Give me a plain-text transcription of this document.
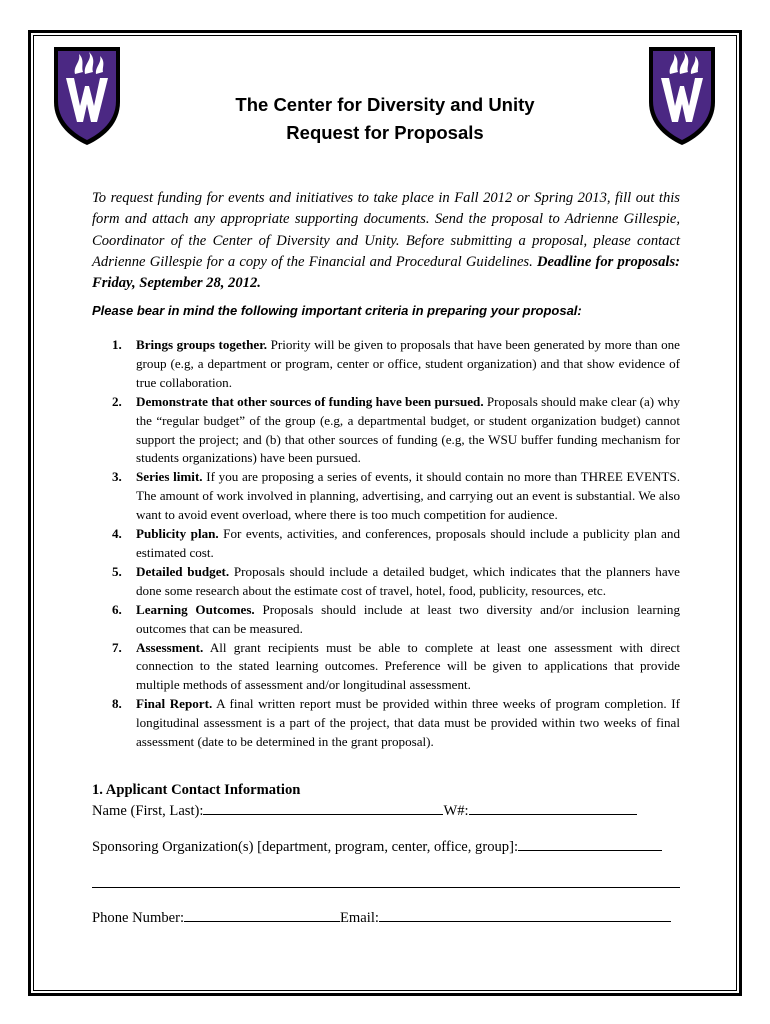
The Center for Diversity and Unity
Request for Proposals
To request funding for events and initiatives to take place in Fall 2012 or Spring 2013, fill out this form and attach any appropriate supporting documents. Send the proposal to Adrienne Gillespie, Coordinator of the Center of Diversity and Unity. Before submitting a proposal, please contact Adrienne Gillespie for a copy of the Financial and Procedural Guidelines. Deadline for proposals: Friday, September 28, 2012.
Please bear in mind the following important criteria in preparing your proposal:
1. Brings groups together. Priority will be given to proposals that have been generated by more than one group (e.g, a department or program, center or office, student organization) and that show evidence of true collaboration.
2. Demonstrate that other sources of funding have been pursued. Proposals should make clear (a) why the “regular budget” of the group (e.g, a departmental budget, or student organization budget) cannot support the project; and (b) that other sources of funding (e.g, the WSU buffer funding mechanism for students organizations) have been pursued.
3. Series limit. If you are proposing a series of events, it should contain no more than THREE EVENTS. The amount of work involved in planning, advertising, and carrying out an event is substantial. We also want to avoid event overload, where there is too much competition for audience.
4. Publicity plan. For events, activities, and conferences, proposals should include a publicity plan and estimated cost.
5. Detailed budget. Proposals should include a detailed budget, which indicates that the planners have done some research about the estimate cost of travel, hotel, food, publicity, resources, etc.
6. Learning Outcomes. Proposals should include at least two diversity and/or inclusion learning outcomes that can be measured.
7. Assessment. All grant recipients must be able to complete at least one assessment with direct connection to the stated learning outcomes. Preference will be given to applications that provide multiple methods of assessment and/or longitudinal assessment.
8. Final Report. A final written report must be provided within three weeks of program completion. If longitudinal assessment is a part of the project, that data must be provided within two weeks of final assessment (date to be determined in the grant proposal).
1. Applicant Contact Information
Name (First, Last):	W#:
Sponsoring Organization(s) [department, program, center, office, group]:
Phone Number:	Email:
